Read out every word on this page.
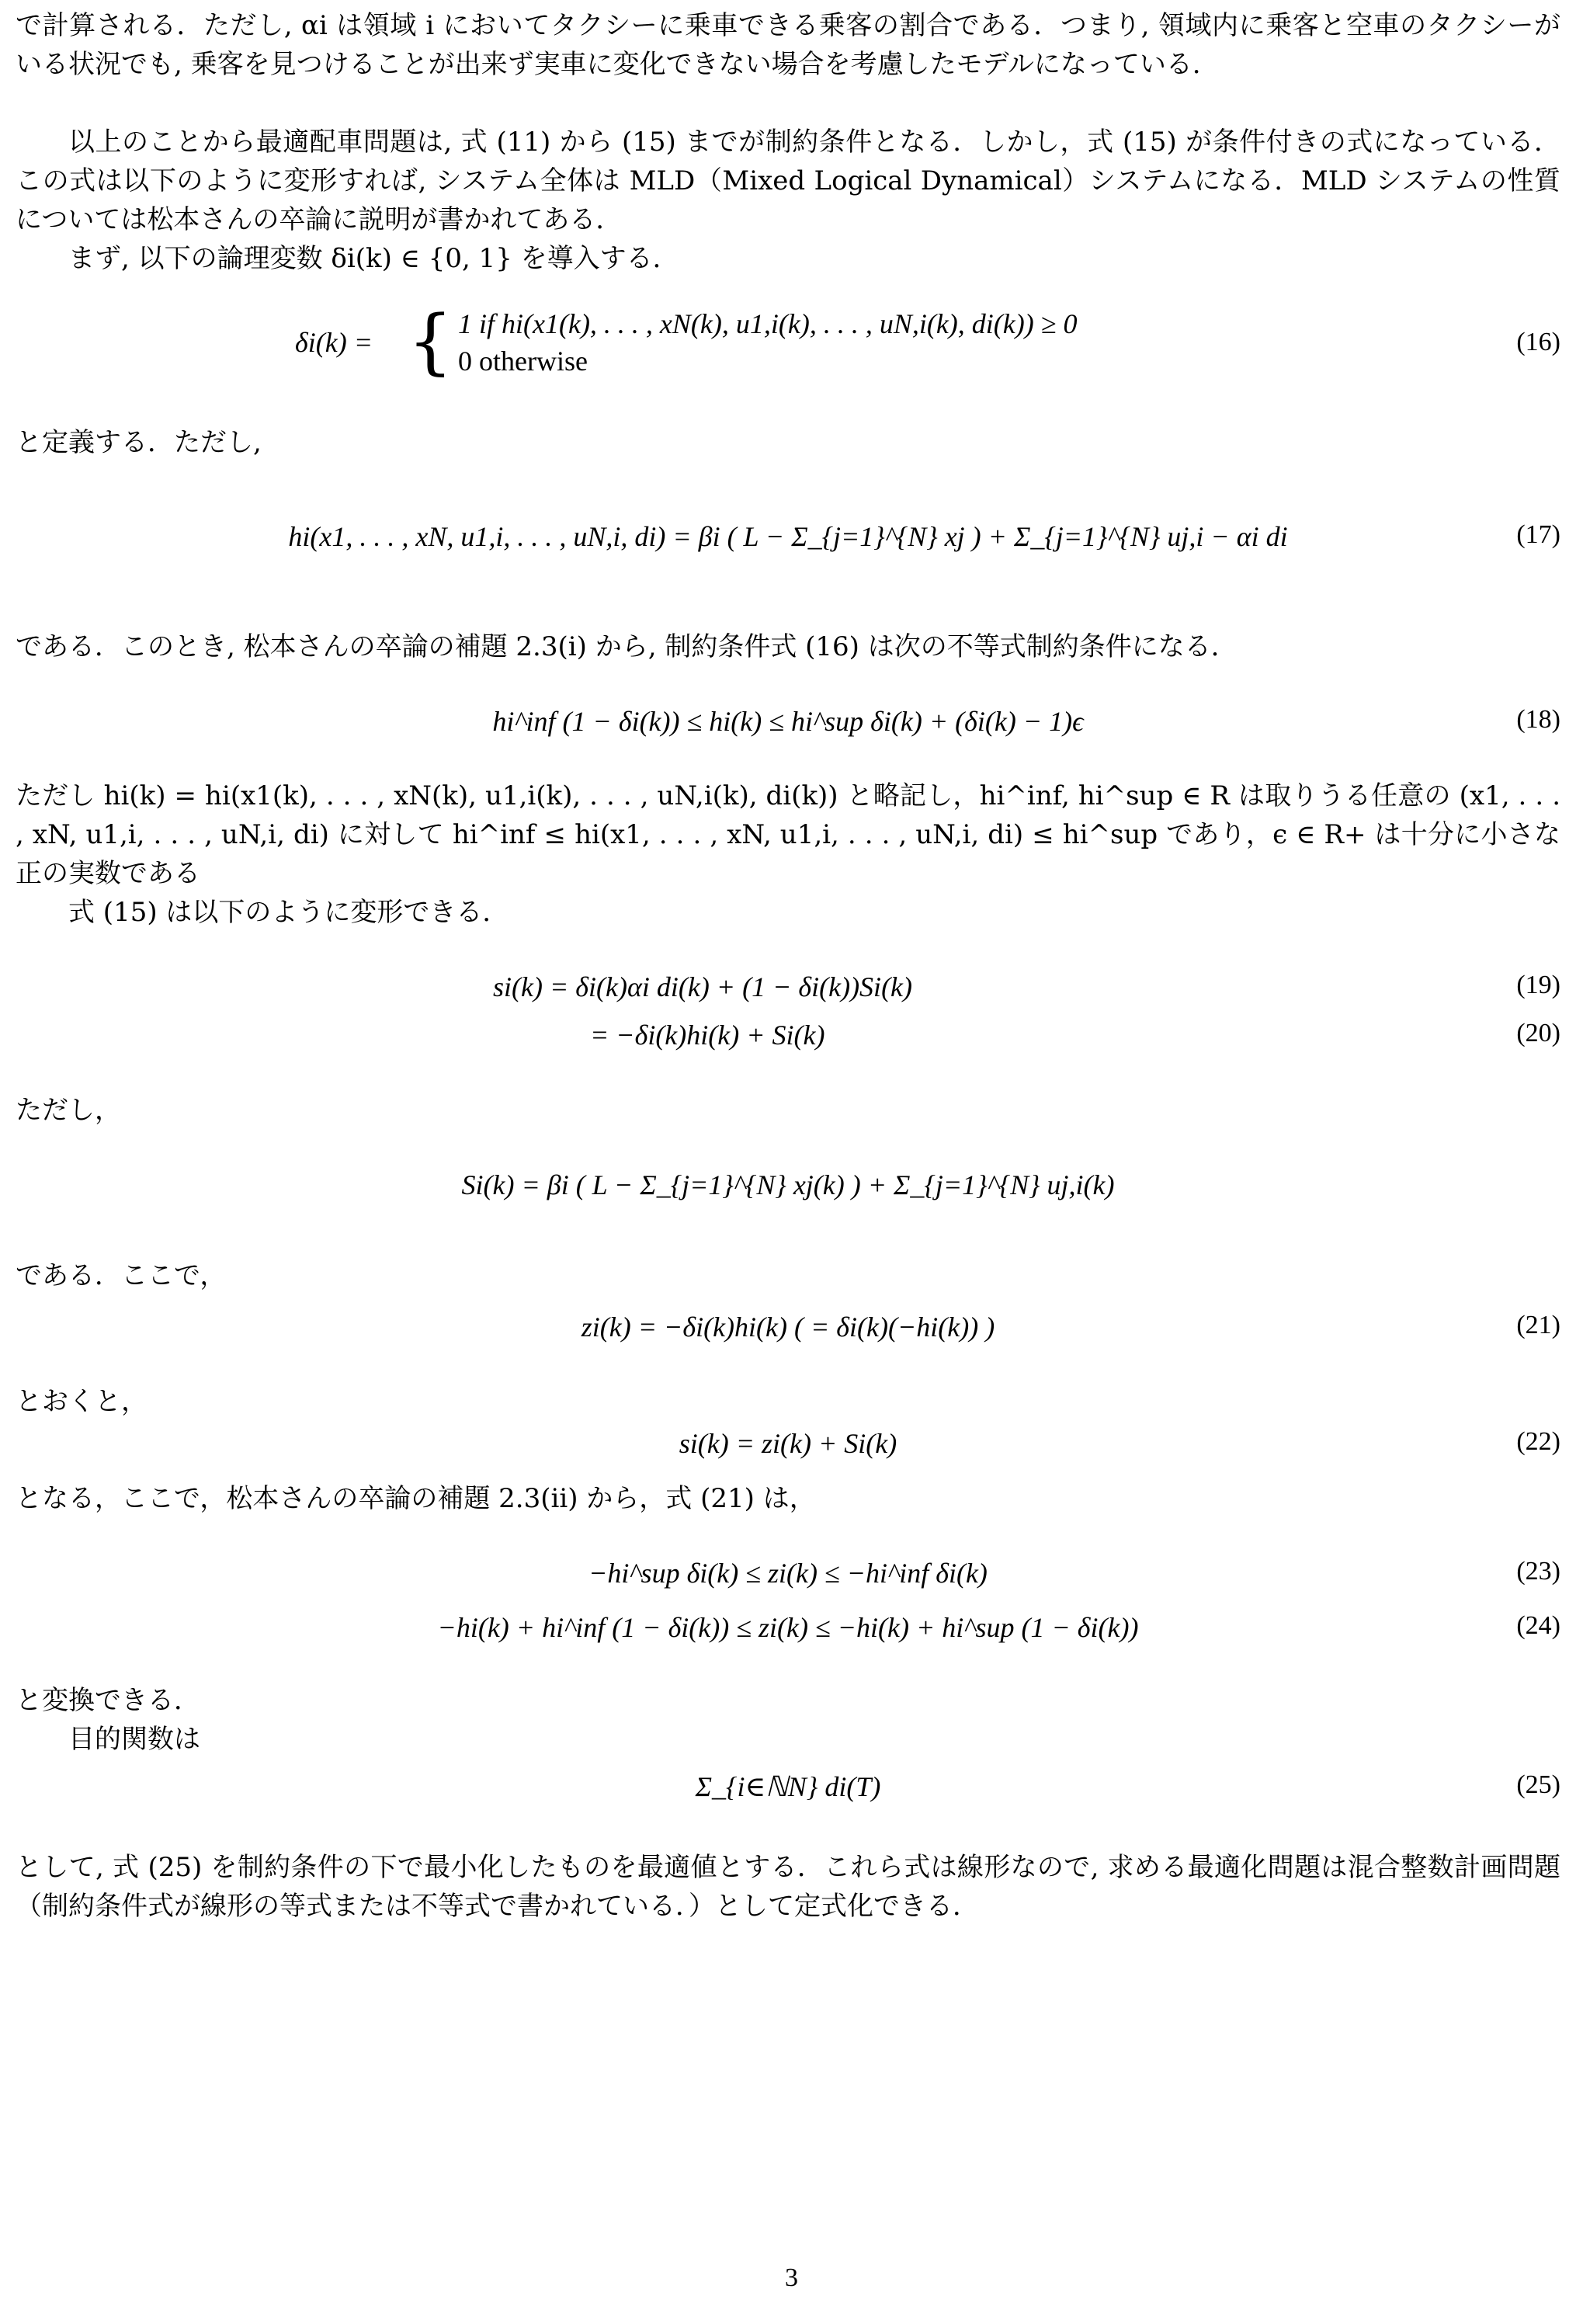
で計算される．ただし, αi は領域 i においてタクシーに乗車できる乗客の割合である．つまり, 領域内に乗客と空車のタクシーがいる状況でも, 乗客を見つけることが出来ず実車に変化できない場合を考慮したモデルになっている．

以上のことから最適配車問題は, 式 (11) から (15) までが制約条件となる．しかし，式 (15) が条件付きの式になっている．この式は以下のように変形すれば, システム全体は MLD（Mixed Logical Dynamical）システムになる．MLD システムの性質については松本さんの卒論に説明が書かれてある．

まず, 以下の論理変数 δi(k) ∈ {0, 1} を導入する．

δi(k) = { 1 if hi(x1(k), . . . , xN(k), u1,i(k), . . . , uN,i(k), di(k)) ≥ 0
0 otherwise
(16)

と定義する．ただし,

hi(x1, . . . , xN, u1,i, . . . , uN,i, di) = βi ( L − Σ_{j=1}^{N} xj ) + Σ_{j=1}^{N} uj,i − αi di	(17)

である．このとき, 松本さんの卒論の補題 2.3(i) から, 制約条件式 (16) は次の不等式制約条件になる．

hi^inf (1 − δi(k)) ≤ hi(k) ≤ hi^sup δi(k) + (δi(k) − 1)ϵ	(18)

ただし hi(k) = hi(x1(k), . . . , xN(k), u1,i(k), . . . , uN,i(k), di(k)) と略記し，hi^inf, hi^sup ∈ R は取りうる任意の (x1, . . . , xN, u1,i, . . . , uN,i, di) に対して hi^inf ≤ hi(x1, . . . , xN, u1,i, . . . , uN,i, di) ≤ hi^sup であり，ϵ ∈ R+ は十分に小さな正の実数である

式 (15) は以下のように変形できる．

si(k) = δi(k)αi di(k) + (1 − δi(k))Si(k)	(19)
= −δi(k)hi(k) + Si(k)	(20)

ただし，

Si(k) = βi ( L − Σ_{j=1}^{N} xj(k) ) + Σ_{j=1}^{N} uj,i(k)

である．ここで，

zi(k) = −δi(k)hi(k) ( = δi(k)(−hi(k)) )	(21)

とおくと，

si(k) = zi(k) + Si(k)	(22)

となる，ここで，松本さんの卒論の補題 2.3(ii) から，式 (21) は，

−hi^sup δi(k) ≤ zi(k) ≤ −hi^inf δi(k)	(23)
−hi(k) + hi^inf (1 − δi(k)) ≤ zi(k) ≤ −hi(k) + hi^sup (1 − δi(k))	(24)

と変換できる．

目的関数は

Σ_{i∈ℕN} di(T)	(25)

として, 式 (25) を制約条件の下で最小化したものを最適値とする．これら式は線形なので, 求める最適化問題は混合整数計画問題（制約条件式が線形の等式または不等式で書かれている．）として定式化できる．

3
